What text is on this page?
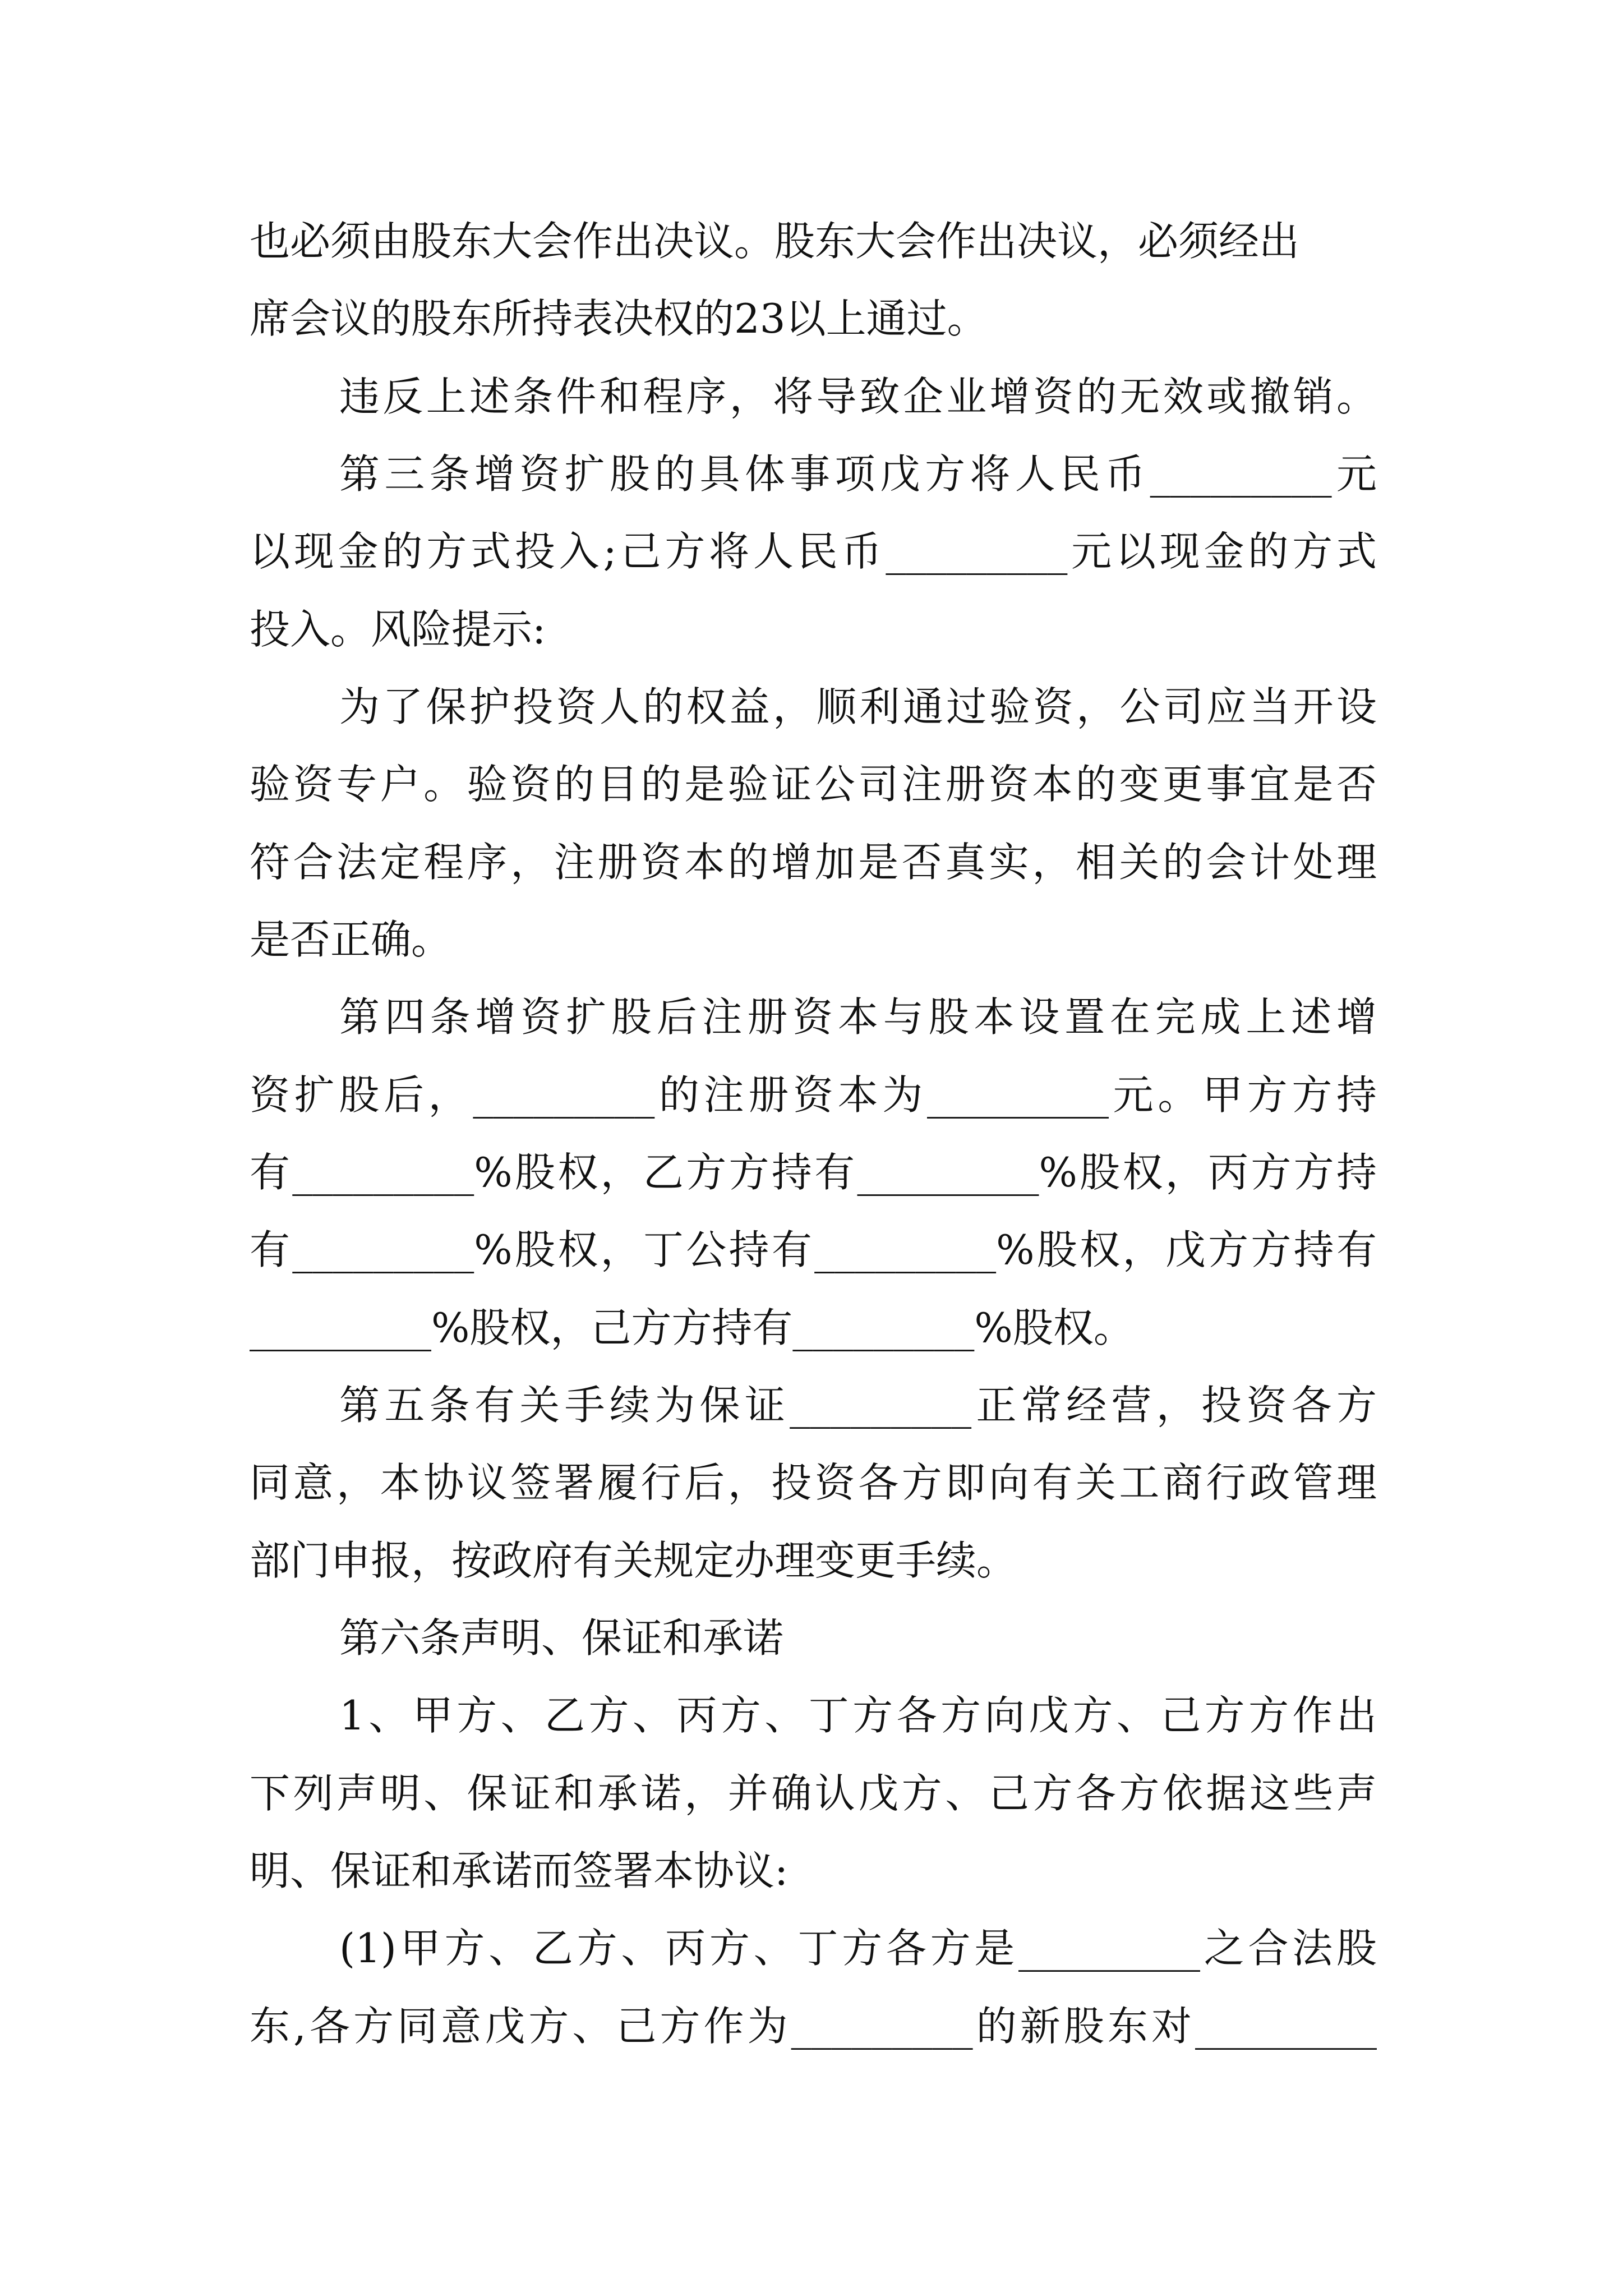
也必须由股东大会作出决议。股东大会作出决议，必须经出
席会议的股东所持表决权的23以上通过。
违反上述条件和程序，将导致企业增资的无效或撤销。
第三条增资扩股的具体事项戊方将人民币_________元
以现金的方式投入;己方将人民币_________元以现金的方式
投入。风险提示:
为了保护投资人的权益，顺利通过验资，公司应当开设
验资专户。验资的目的是验证公司注册资本的变更事宜是否
符合法定程序，注册资本的增加是否真实，相关的会计处理
是否正确。
第四条增资扩股后注册资本与股本设置在完成上述增
资扩股后，_________的注册资本为_________元。甲方方持
有_________%股权，乙方方持有_________%股权，丙方方持
有_________%股权，丁公持有_________%股权，戊方方持有
_________%股权，己方方持有_________%股权。
第五条有关手续为保证_________正常经营，投资各方
同意，本协议签署履行后，投资各方即向有关工商行政管理
部门申报，按政府有关规定办理变更手续。
第六条声明、保证和承诺
1、甲方、乙方、丙方、丁方各方向戊方、己方方作出
下列声明、保证和承诺，并确认戊方、己方各方依据这些声
明、保证和承诺而签署本协议:
(1)甲方、乙方、丙方、丁方各方是_________之合法股
东,各方同意戊方、己方作为_________的新股东对_________
